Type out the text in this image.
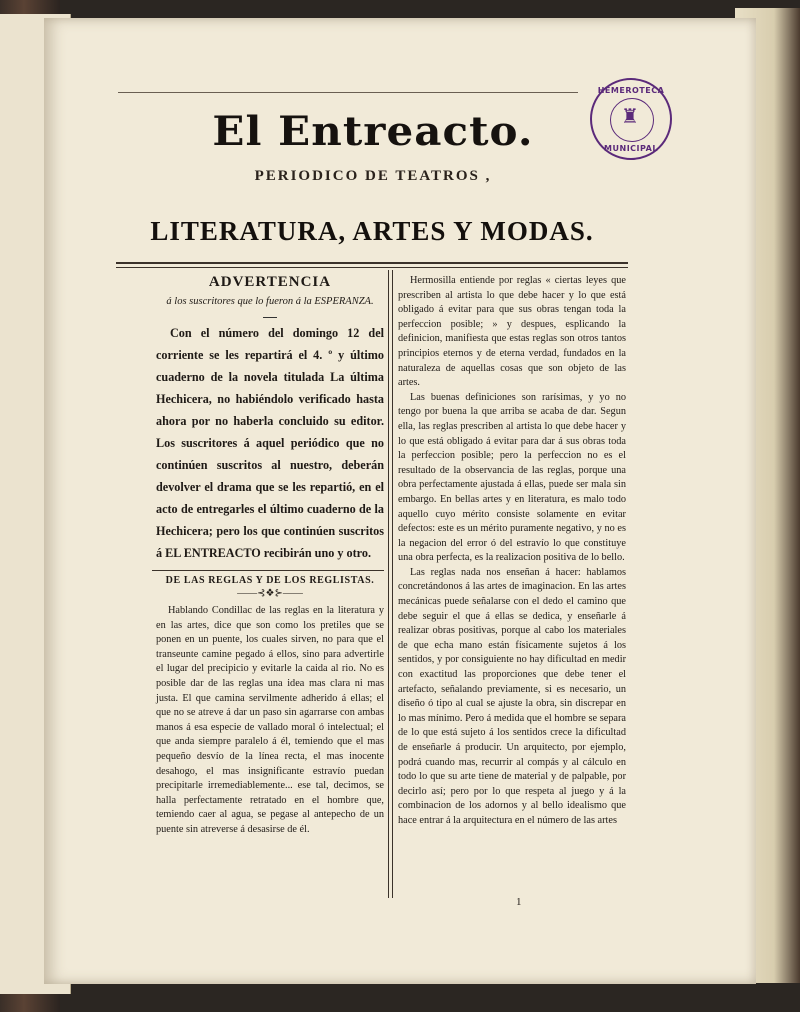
HEMEROTECA
♜
MUNICIPAL
El Entreacto.
PERIODICO DE TEATROS ,
LITERATURA, ARTES Y MODAS.

ADVERTENCIA

á los suscritores que lo fueron á la ESPERANZA.

Con el número del domingo 12 del corriente se les repartirá el 4. º y último cuaderno de la novela titulada La última Hechicera, no habiéndolo verificado hasta ahora por no haberla concluido su editor. Los suscritores á aquel periódico que no continúen suscritos al nuestro, deberán devolver el drama que se les repartió, en el acto de entregarles el último cuaderno de la Hechicera; pero los que continúen suscritos á EL ENTREACTO recibirán uno y otro.

DE LAS REGLAS Y DE LOS REGLISTAS.

——⊰❖⊱——

Hablando Condillac de las reglas en la literatura y en las artes, dice que son como los pretiles que se ponen en un puente, los cuales sirven, no para que el transeunte camine pegado á ellos, sino para advertirle el lugar del precipicio y evitarle la caida al rio. No es posible dar de las reglas una idea mas clara ni mas justa. El que camina servilmente adherido á ellas; el que no se atreve á dar un paso sin agarrarse con ambas manos á esa especie de vallado moral ó intelectual; el que anda siempre paralelo á él, temiendo que el mas pequeño desvío de la línea recta, el mas inocente desahogo, el mas insignificante estravío puedan precipitarle irremediablemente... ese tal, decimos, se halla perfectamente retratado en el hombre que, temiendo caer al agua, se pegase al antepecho de un puente sin atreverse á desasirse de él.

Hermosilla entiende por reglas « ciertas leyes que prescriben al artista lo que debe hacer y lo que está obligado á evitar para que sus obras tengan toda la perfeccion posible; » y despues, esplicando la definicion, manifiesta que estas reglas son otros tantos principios eternos y de eterna verdad, fundados en la naturaleza de aquellas cosas que son objeto de las artes.

Las buenas definiciones son rarísimas, y yo no tengo por buena la que arriba se acaba de dar. Segun ella, las reglas prescriben al artista lo que debe hacer y lo que está obligado á evitar para dar á sus obras toda la perfeccion posible; pero la perfeccion no es el resultado de la observancia de las reglas, porque una obra perfectamente ajustada á ellas, puede ser mala sin embargo. En bellas artes y en literatura, es malo todo aquello cuyo mérito consiste solamente en evitar defectos: este es un mérito puramente negativo, y no es la negacion del error ó del estravío lo que constituye una obra perfecta, es la realizacion positiva de lo bello.

Las reglas nada nos enseñan á hacer: hablamos concretándonos á las artes de imaginacion. En las artes mecánicas puede señalarse con el dedo el camino que debe seguir el que á ellas se dedica, y enseñarle á realizar obras positivas, porque al cabo los materiales de que echa mano están físicamente sujetos á los sentidos, y por consiguiente no hay dificultad en medir con exactitud las proporciones que debe tener el artefacto, señalando previamente, si es necesario, un diseño ó tipo al cual se ajuste la obra, sin discrepar en lo mas mínimo. Pero á medida que el hombre se separa de lo que está sujeto á los sentidos crece la dificultad de enseñarle á producir. Un arquitecto, por ejemplo, podrá cuando mas, recurrir al compás y al cálculo en todo lo que su arte tiene de material y de palpable, por decirlo así; pero por lo que respeta al juego y á la combinacion de los adornos y al bello idealismo que hace entrar á la arquitectura en el número de las artes

1
